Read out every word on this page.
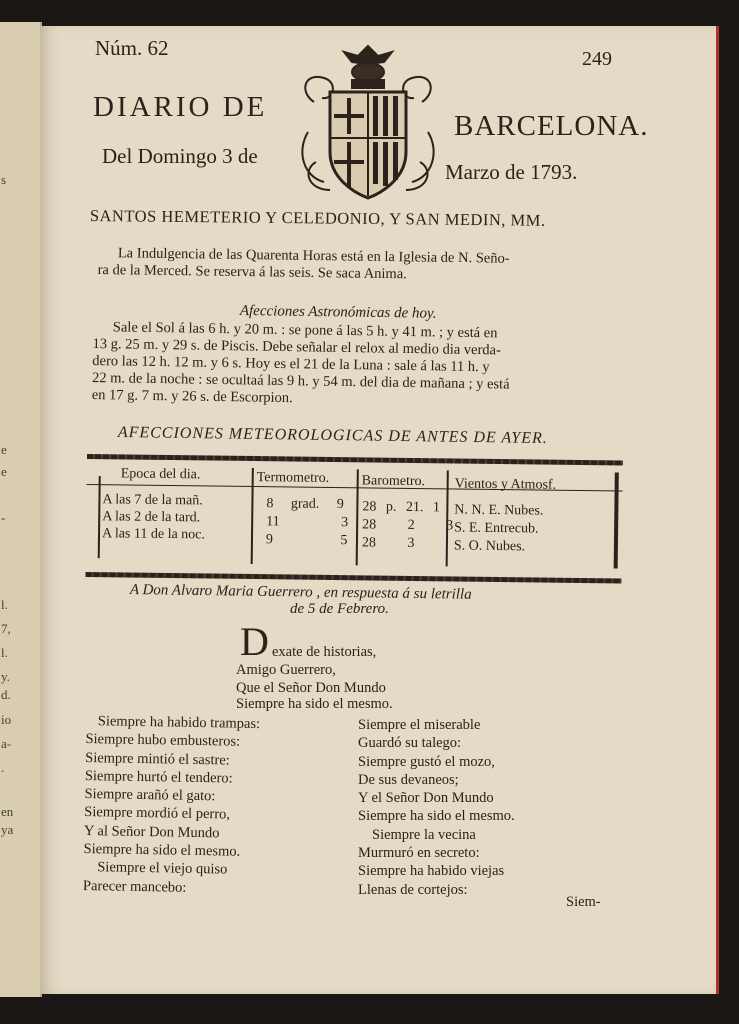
s
e
e
-
l.
7,
l.
y.
d.
io
a-
.
en
ya
Núm. 62	249
DIARIO DE
BARCELONA.
Del Domingo 3 de
Marzo de 1793.
SANTOS HEMETERIO Y CELEDONIO, Y SAN MEDIN, MM.
La Indulgencia de las Quarenta Horas está en la Iglesia de N. Seño-
ra de la Merced. Se reserva á las seis. Se saca Anima.
Afecciones Astronómicas de hoy.
Sale el Sol á las 6 h. y 20 m. : se pone á las 5 h. y 41 m. ; y está en
13 g. 25 m. y 29 s. de Piscis. Debe señalar el relox al medio dia verda-
dero las 12 h. 12 m. y 6 s. Hoy es el 21 de la Luna : sale á las 11 h. y
22 m. de la noche : se ocultaá las 9 h. y 54 m. del dia de mañana ; y está
en 17 g. 7 m. y 26 s. de Escorpion.
AFECCIONES METEOROLOGICAS DE ANTES DE AYER.
Epoca del dia.	Termometro. Barometro. Vientos y Atmosf.
A las 7 de la mañ.
A las 2 de la tard.
A las 11 de la noc.
8 grad. 9
11 3
9 5
28 p. 21. 1
28 2 3
28 3
N. N. E. Nubes.
S. E. Entrecub.
S. O. Nubes.
A Don Alvaro Maria Guerrero , en respuesta á su letrilla
de 5 de Febrero.
D exate de historias,
Amigo Guerrero,
Que el Señor Don Mundo
Siempre ha sido el mesmo.
Siempre ha habido trampas:
Siempre hubo embusteros:
Siempre mintió el sastre:
Siempre hurtó el tendero:
Siempre arañó el gato:
Siempre mordió el perro,
Y al Señor Don Mundo
Siempre ha sido el mesmo.
Siempre el viejo quiso
Parecer mancebo:
Siempre el miserable
Guardó su talego:
Siempre gustó el mozo,
De sus devaneos;
Y el Señor Don Mundo
Siempre ha sido el mesmo.
Siempre la vecina
Murmuró en secreto:
Siempre ha habido viejas
Llenas de cortejos:
Siem-
